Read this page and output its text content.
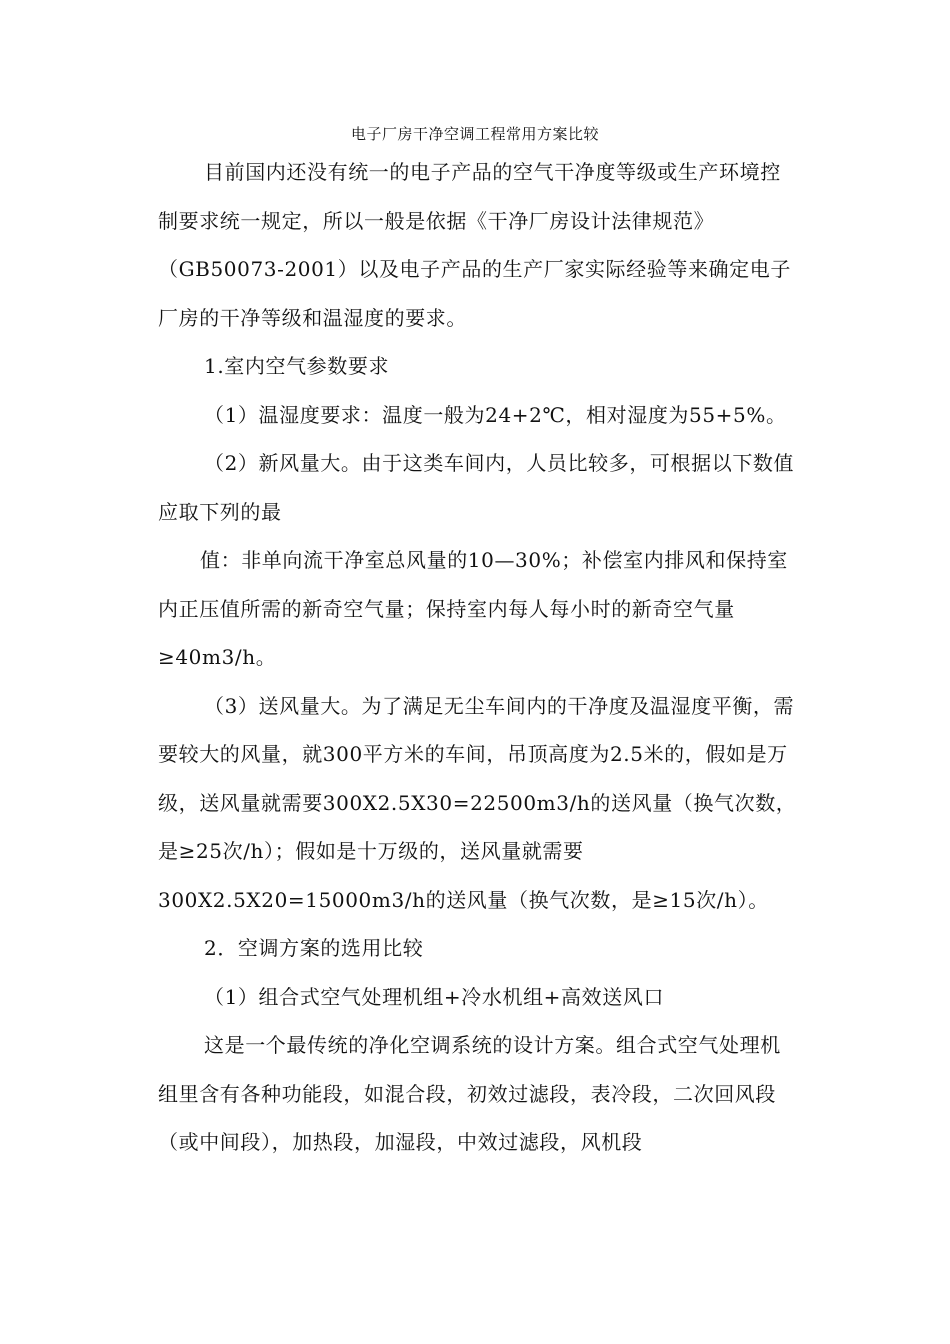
电子厂房干净空调工程常用方案比较

目前国内还没有统一的电子产品的空气干净度等级或生产环境控制要求统一规定，所以一般是依据《干净厂房设计法律规范》（GB50073-2001）以及电子产品的生产厂家实际经验等来确定电子厂房的干净等级和温湿度的要求。

1.室内空气参数要求

（1）温湿度要求：温度一般为24+2℃，相对湿度为55+5%。

（2）新风量大。由于这类车间内，人员比较多，可根据以下数值应取下列的最

值：非单向流干净室总风量的10—30%；补偿室内排风和保持室内正压值所需的新奇空气量；保持室内每人每小时的新奇空气量≥40m3/h。

（3）送风量大。为了满足无尘车间内的干净度及温湿度平衡，需要较大的风量，就300平方米的车间，吊顶高度为2.5米的，假如是万级，送风量就需要300X2.5X30=22500m3/h的送风量（换气次数，是≥25次/h）；假如是十万级的，送风量就需要300X2.5X20=15000m3/h的送风量（换气次数，是≥15次/h）。

2．空调方案的选用比较

（1）组合式空气处理机组+冷水机组+高效送风口

这是一个最传统的净化空调系统的设计方案。组合式空气处理机组里含有各种功能段，如混合段，初效过滤段，表冷段，二次回风段（或中间段），加热段，加湿段，中效过滤段，风机段
